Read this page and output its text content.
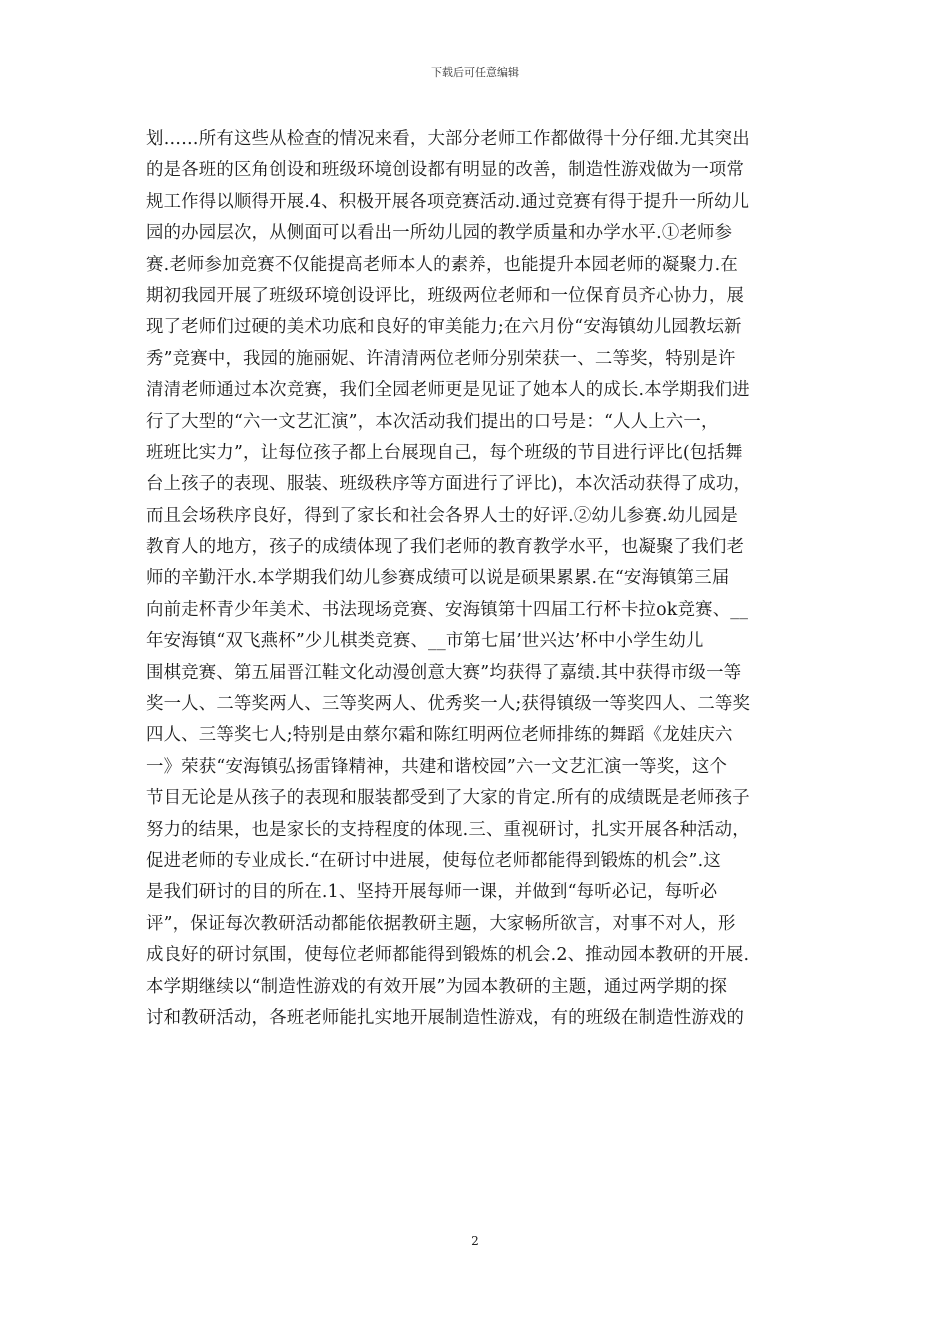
下载后可任意编辑
划……所有这些从检查的情况来看，大部分老师工作都做得十分仔细.尤其突出
的是各班的区角创设和班级环境创设都有明显的改善，制造性游戏做为一项常
规工作得以顺得开展.4、积极开展各项竞赛活动.通过竞赛有得于提升一所幼儿
园的办园层次，从侧面可以看出一所幼儿园的教学质量和办学水平.①老师参
赛.老师参加竞赛不仅能提高老师本人的素养，也能提升本园老师的凝聚力.在
期初我园开展了班级环境创设评比，班级两位老师和一位保育员齐心协力，展
现了老师们过硬的美术功底和良好的审美能力;在六月份“安海镇幼儿园教坛新
秀”竞赛中，我园的施丽妮、许清清两位老师分别荣获一、二等奖，特别是许
清清老师通过本次竞赛，我们全园老师更是见证了她本人的成长.本学期我们进
行了大型的“六一文艺汇演”，本次活动我们提出的口号是：“人人上六一，
班班比实力”，让每位孩子都上台展现自己，每个班级的节目进行评比(包括舞
台上孩子的表现、服装、班级秩序等方面进行了评比)，本次活动获得了成功，
而且会场秩序良好，得到了家长和社会各界人士的好评.②幼儿参赛.幼儿园是
教育人的地方，孩子的成绩体现了我们老师的教育教学水平，也凝聚了我们老
师的辛勤汗水.本学期我们幼儿参赛成绩可以说是硕果累累.在“安海镇第三届
向前走杯青少年美术、书法现场竞赛、安海镇第十四届工行杯卡拉ok竞赛、__
年安海镇“双飞燕杯”少儿棋类竞赛、__市第七届’世兴达’杯中小学生幼儿
围棋竞赛、第五届晋江鞋文化动漫创意大赛”均获得了嘉绩.其中获得市级一等
奖一人、二等奖两人、三等奖两人、优秀奖一人;获得镇级一等奖四人、二等奖
四人、三等奖七人;特别是由蔡尔霜和陈红明两位老师排练的舞蹈《龙娃庆六
一》荣获“安海镇弘扬雷锋精神，共建和谐校园”六一文艺汇演一等奖，这个
节目无论是从孩子的表现和服装都受到了大家的肯定.所有的成绩既是老师孩子
努力的结果，也是家长的支持程度的体现.三、重视研讨，扎实开展各种活动，
促进老师的专业成长.“在研讨中进展，使每位老师都能得到锻炼的机会”.这
是我们研讨的目的所在.1、坚持开展每师一课，并做到“每听必记，每听必
评”，保证每次教研活动都能依据教研主题，大家畅所欲言，对事不对人，形
成良好的研讨氛围，使每位老师都能得到锻炼的机会.2、推动园本教研的开展.
本学期继续以“制造性游戏的有效开展”为园本教研的主题，通过两学期的探
讨和教研活动，各班老师能扎实地开展制造性游戏，有的班级在制造性游戏的
2
